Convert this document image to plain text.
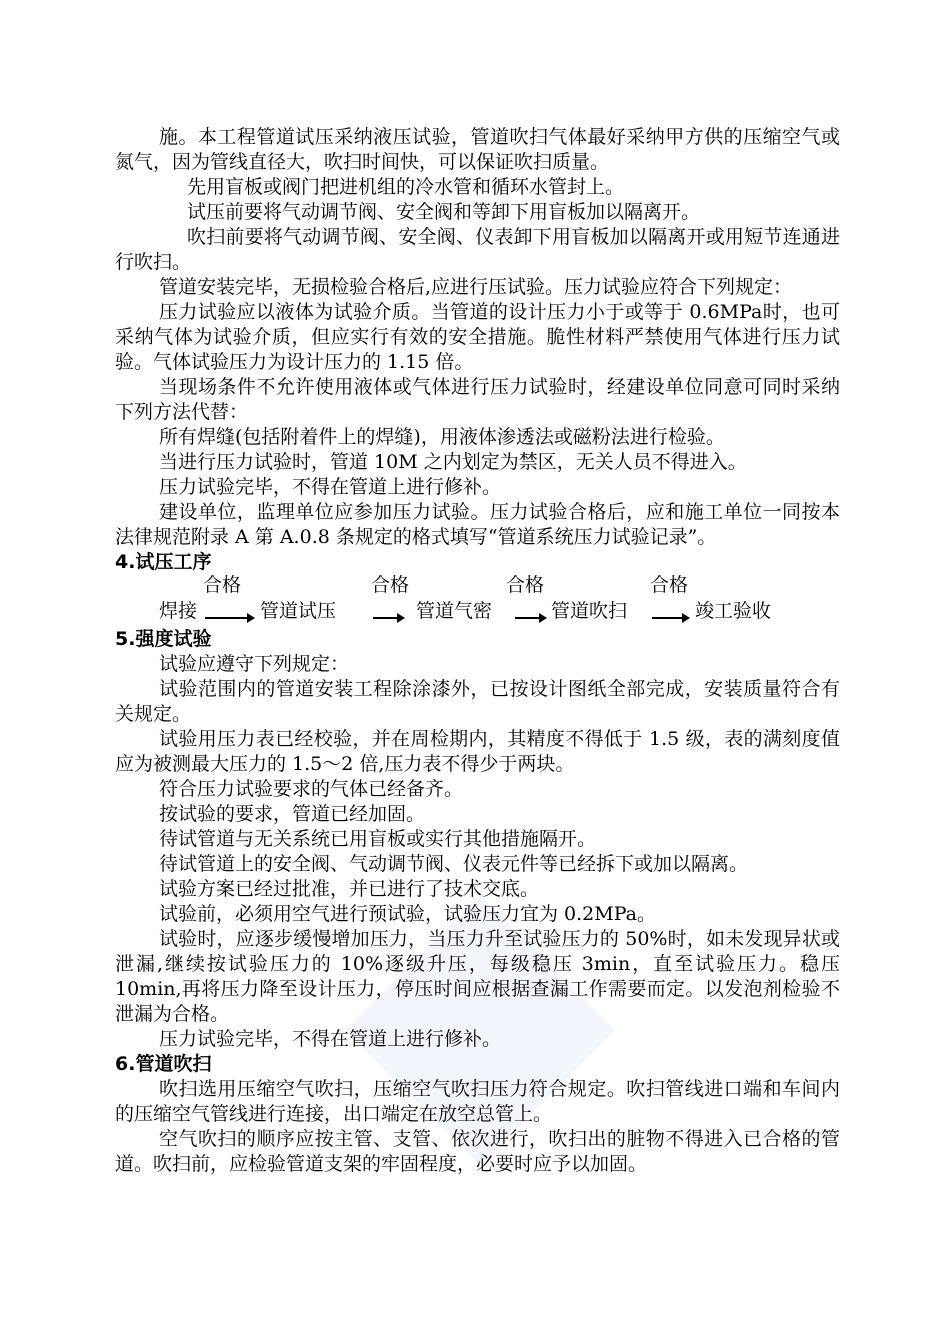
施。本工程管道试压采纳液压试验，管道吹扫气体最好采纳甲方供的压缩空气或氮气，因为管线直径大，吹扫时间快，可以保证吹扫质量。

先用盲板或阀门把进机组的冷水管和循环水管封上。

试压前要将气动调节阀、安全阀和等卸下用盲板加以隔离开。

吹扫前要将气动调节阀、安全阀、仪表卸下用盲板加以隔离开或用短节连通进行吹扫。

管道安装完毕，无损检验合格后,应进行压试验。压力试验应符合下列规定：

压力试验应以液体为试验介质。当管道的设计压力小于或等于 0.6MPa时，也可采纳气体为试验介质，但应实行有效的安全措施。脆性材料严禁使用气体进行压力试验。气体试验压力为设计压力的 1.15 倍。

当现场条件不允许使用液体或气体进行压力试验时，经建设单位同意可同时采纳下列方法代替：

所有焊缝(包括附着件上的焊缝)，用液体渗透法或磁粉法进行检验。

当进行压力试验时，管道 10M 之内划定为禁区，无关人员不得进入。

压力试验完毕，不得在管道上进行修补。

建设单位，监理单位应参加压力试验。压力试验合格后，应和施工单位一同按本法律规范附录 A 第 A.0.8 条规定的格式填写“管道系统压力试验记录”。

4.试压工序

合格	合格	合格	合格
焊接	管道试压	管道气密	管道吹扫	竣工验收

5.强度试验

试验应遵守下列规定：

试验范围内的管道安装工程除涂漆外，已按设计图纸全部完成，安装质量符合有关规定。

试验用压力表已经校验，并在周检期内，其精度不得低于 1.5 级，表的满刻度值应为被测最大压力的 1.5～2 倍,压力表不得少于两块。

符合压力试验要求的气体已经备齐。

按试验的要求，管道已经加固。

待试管道与无关系统已用盲板或实行其他措施隔开。

待试管道上的安全阀、气动调节阀、仪表元件等已经拆下或加以隔离。

试验方案已经过批准，并已进行了技术交底。

试验前，必须用空气进行预试验，试验压力宜为 0.2MPa。

试验时，应逐步缓慢增加压力，当压力升至试验压力的 50%时，如未发现异状或泄漏,继续按试验压力的 10%逐级升压，每级稳压 3min，直至试验压力。稳压 10min,再将压力降至设计压力，停压时间应根据查漏工作需要而定。以发泡剂检验不泄漏为合格。

压力试验完毕，不得在管道上进行修补。

6.管道吹扫

吹扫选用压缩空气吹扫，压缩空气吹扫压力符合规定。吹扫管线进口端和车间内的压缩空气管线进行连接，出口端定在放空总管上。

空气吹扫的顺序应按主管、支管、依次进行，吹扫出的脏物不得进入已合格的管道。吹扫前，应检验管道支架的牢固程度，必要时应予以加固。
